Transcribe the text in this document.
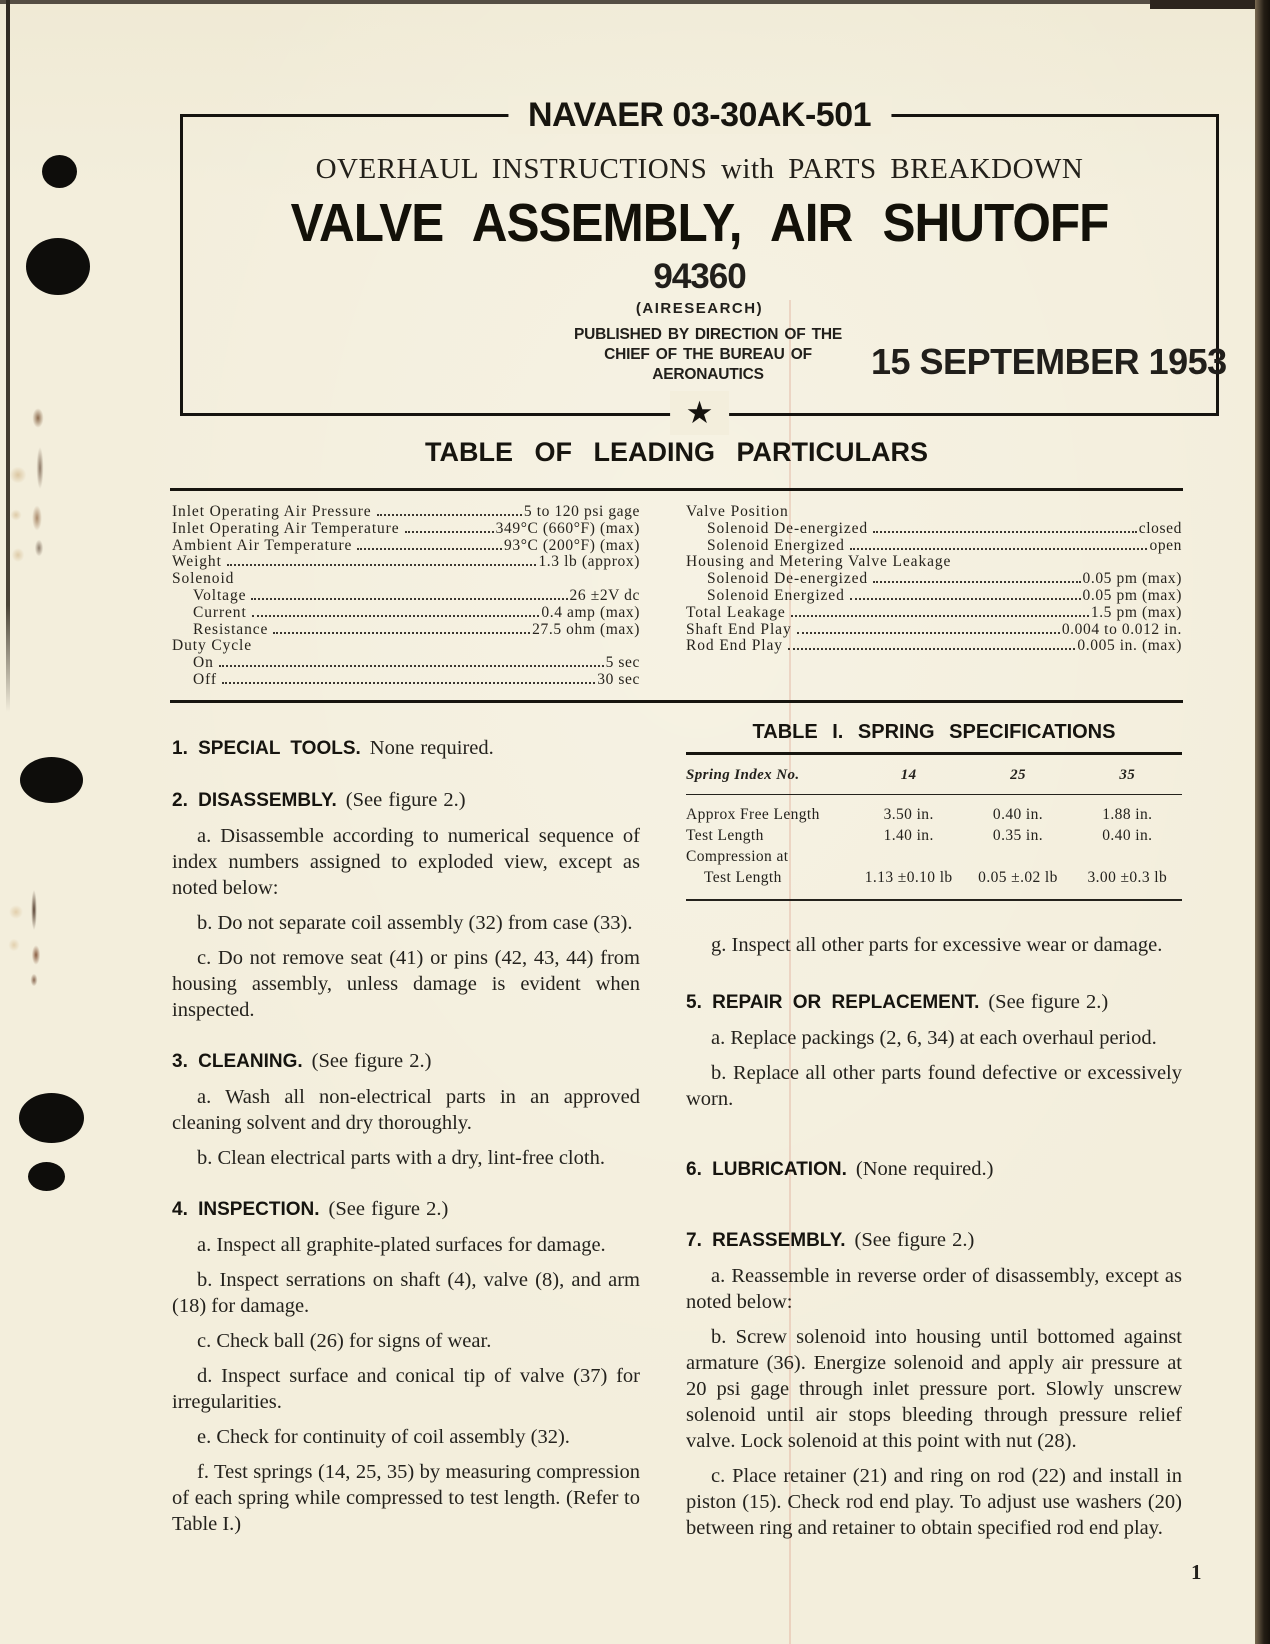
NAVAER 03-30AK-501
OVERHAUL INSTRUCTIONS with PARTS BREAKDOWN
VALVE ASSEMBLY, AIR SHUTOFF
94360
(AIRESEARCH)
PUBLISHED BY DIRECTION OF THE
CHIEF OF THE BUREAU OF AERONAUTICS	15 SEPTEMBER 1953
★
TABLE OF LEADING PARTICULARS
Inlet Operating Air Pressure	5 to 120 psi gage
Inlet Operating Air Temperature	349°C (660°F) (max)
Ambient Air Temperature	93°C (200°F) (max)
Weight	1.3 lb (approx)
Solenoid
Voltage	26 ±2V dc
Current	0.4 amp (max)
Resistance	27.5 ohm (max)
Duty Cycle
On	5 sec
Off	30 sec
Valve Position
Solenoid De-energized	closed
Solenoid Energized	open
Housing and Metering Valve Leakage
Solenoid De-energized	0.05 pm (max)
Solenoid Energized	0.05 pm (max)
Total Leakage	1.5 pm (max)
Shaft End Play	0.004 to 0.012 in.
Rod End Play	0.005 in. (max)
1. SPECIAL TOOLS. None required.
2. DISASSEMBLY. (See figure 2.)
a. Disassemble according to numerical sequence of index numbers assigned to exploded view, except as noted below:
b. Do not separate coil assembly (32) from case (33).
c. Do not remove seat (41) or pins (42, 43, 44) from housing assembly, unless damage is evident when inspected.
3. CLEANING. (See figure 2.)
a. Wash all non-electrical parts in an approved cleaning solvent and dry thoroughly.
b. Clean electrical parts with a dry, lint-free cloth.
4. INSPECTION. (See figure 2.)
a. Inspect all graphite-plated surfaces for damage.
b. Inspect serrations on shaft (4), valve (8), and arm (18) for damage.
c. Check ball (26) for signs of wear.
d. Inspect surface and conical tip of valve (37) for irregularities.
e. Check for continuity of coil assembly (32).
f. Test springs (14, 25, 35) by measuring compression of each spring while compressed to test length. (Refer to Table I.)
TABLE I. SPRING SPECIFICATIONS
Spring Index No.	14	25	35
Approx Free Length	3.50 in.	0.40 in.	1.88 in.
Test Length	1.40 in.	0.35 in.	0.40 in.
Compression at
Test Length	1.13 ±0.10 lb	0.05 ±.02 lb	3.00 ±0.3 lb
g. Inspect all other parts for excessive wear or damage.
5. REPAIR OR REPLACEMENT. (See figure 2.)
a. Replace packings (2, 6, 34) at each overhaul period.
b. Replace all other parts found defective or excessively worn.
6. LUBRICATION. (None required.)
7. REASSEMBLY. (See figure 2.)
a. Reassemble in reverse order of disassembly, except as noted below:
b. Screw solenoid into housing until bottomed against armature (36). Energize solenoid and apply air pressure at 20 psi gage through inlet pressure port. Slowly unscrew solenoid until air stops bleeding through pressure relief valve. Lock solenoid at this point with nut (28).
c. Place retainer (21) and ring on rod (22) and install in piston (15). Check rod end play. To adjust use washers (20) between ring and retainer to obtain specified rod end play.
1
